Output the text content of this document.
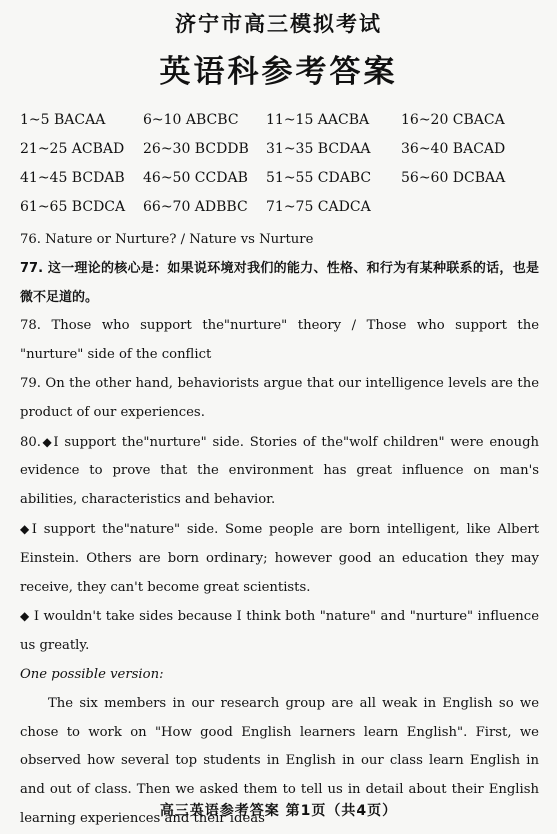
济宁市高三模拟考试
英语科参考答案
1~5 BACAA	6~10 ABCBC	11~15 AACBA	16~20 CBACA
21~25 ACBAD	26~30 BCDDB	31~35 BCDAA	36~40 BACAD
41~45 BCDAB	46~50 CCDAB	51~55 CDABC	56~60 DCBAA
61~65 BCDCA	66~70 ADBBC	71~75 CADCA

76. Nature or Nurture? / Nature vs Nurture

77. 这一理论的核心是：如果说环境对我们的能力、性格、和行为有某种联系的话，也是微不足道的。

78. Those who support the"nurture" theory / Those who support the "nurture" side of the conflict

79. On the other hand, behaviorists argue that our intelligence levels are the product of our experiences.

80.◆I support the"nurture" side. Stories of the"wolf children" were enough evidence to prove that the environment has great influence on man's abilities, characteristics and behavior.

◆I support the"nature" side. Some people are born intelligent, like Albert Einstein. Others are born ordinary; however good an education they may receive, they can't become great scientists.

◆ I wouldn't take sides because I think both "nature" and "nurture" influence us greatly.

One possible version:

The six members in our research group are all weak in English so we chose to work on "How good English learners learn English". First, we observed how several top students in English in our class learn English in and out of class. Then we asked them to tell us in detail about their English learning experiences and their ideas

高三英语参考答案 第1页（共4页）
